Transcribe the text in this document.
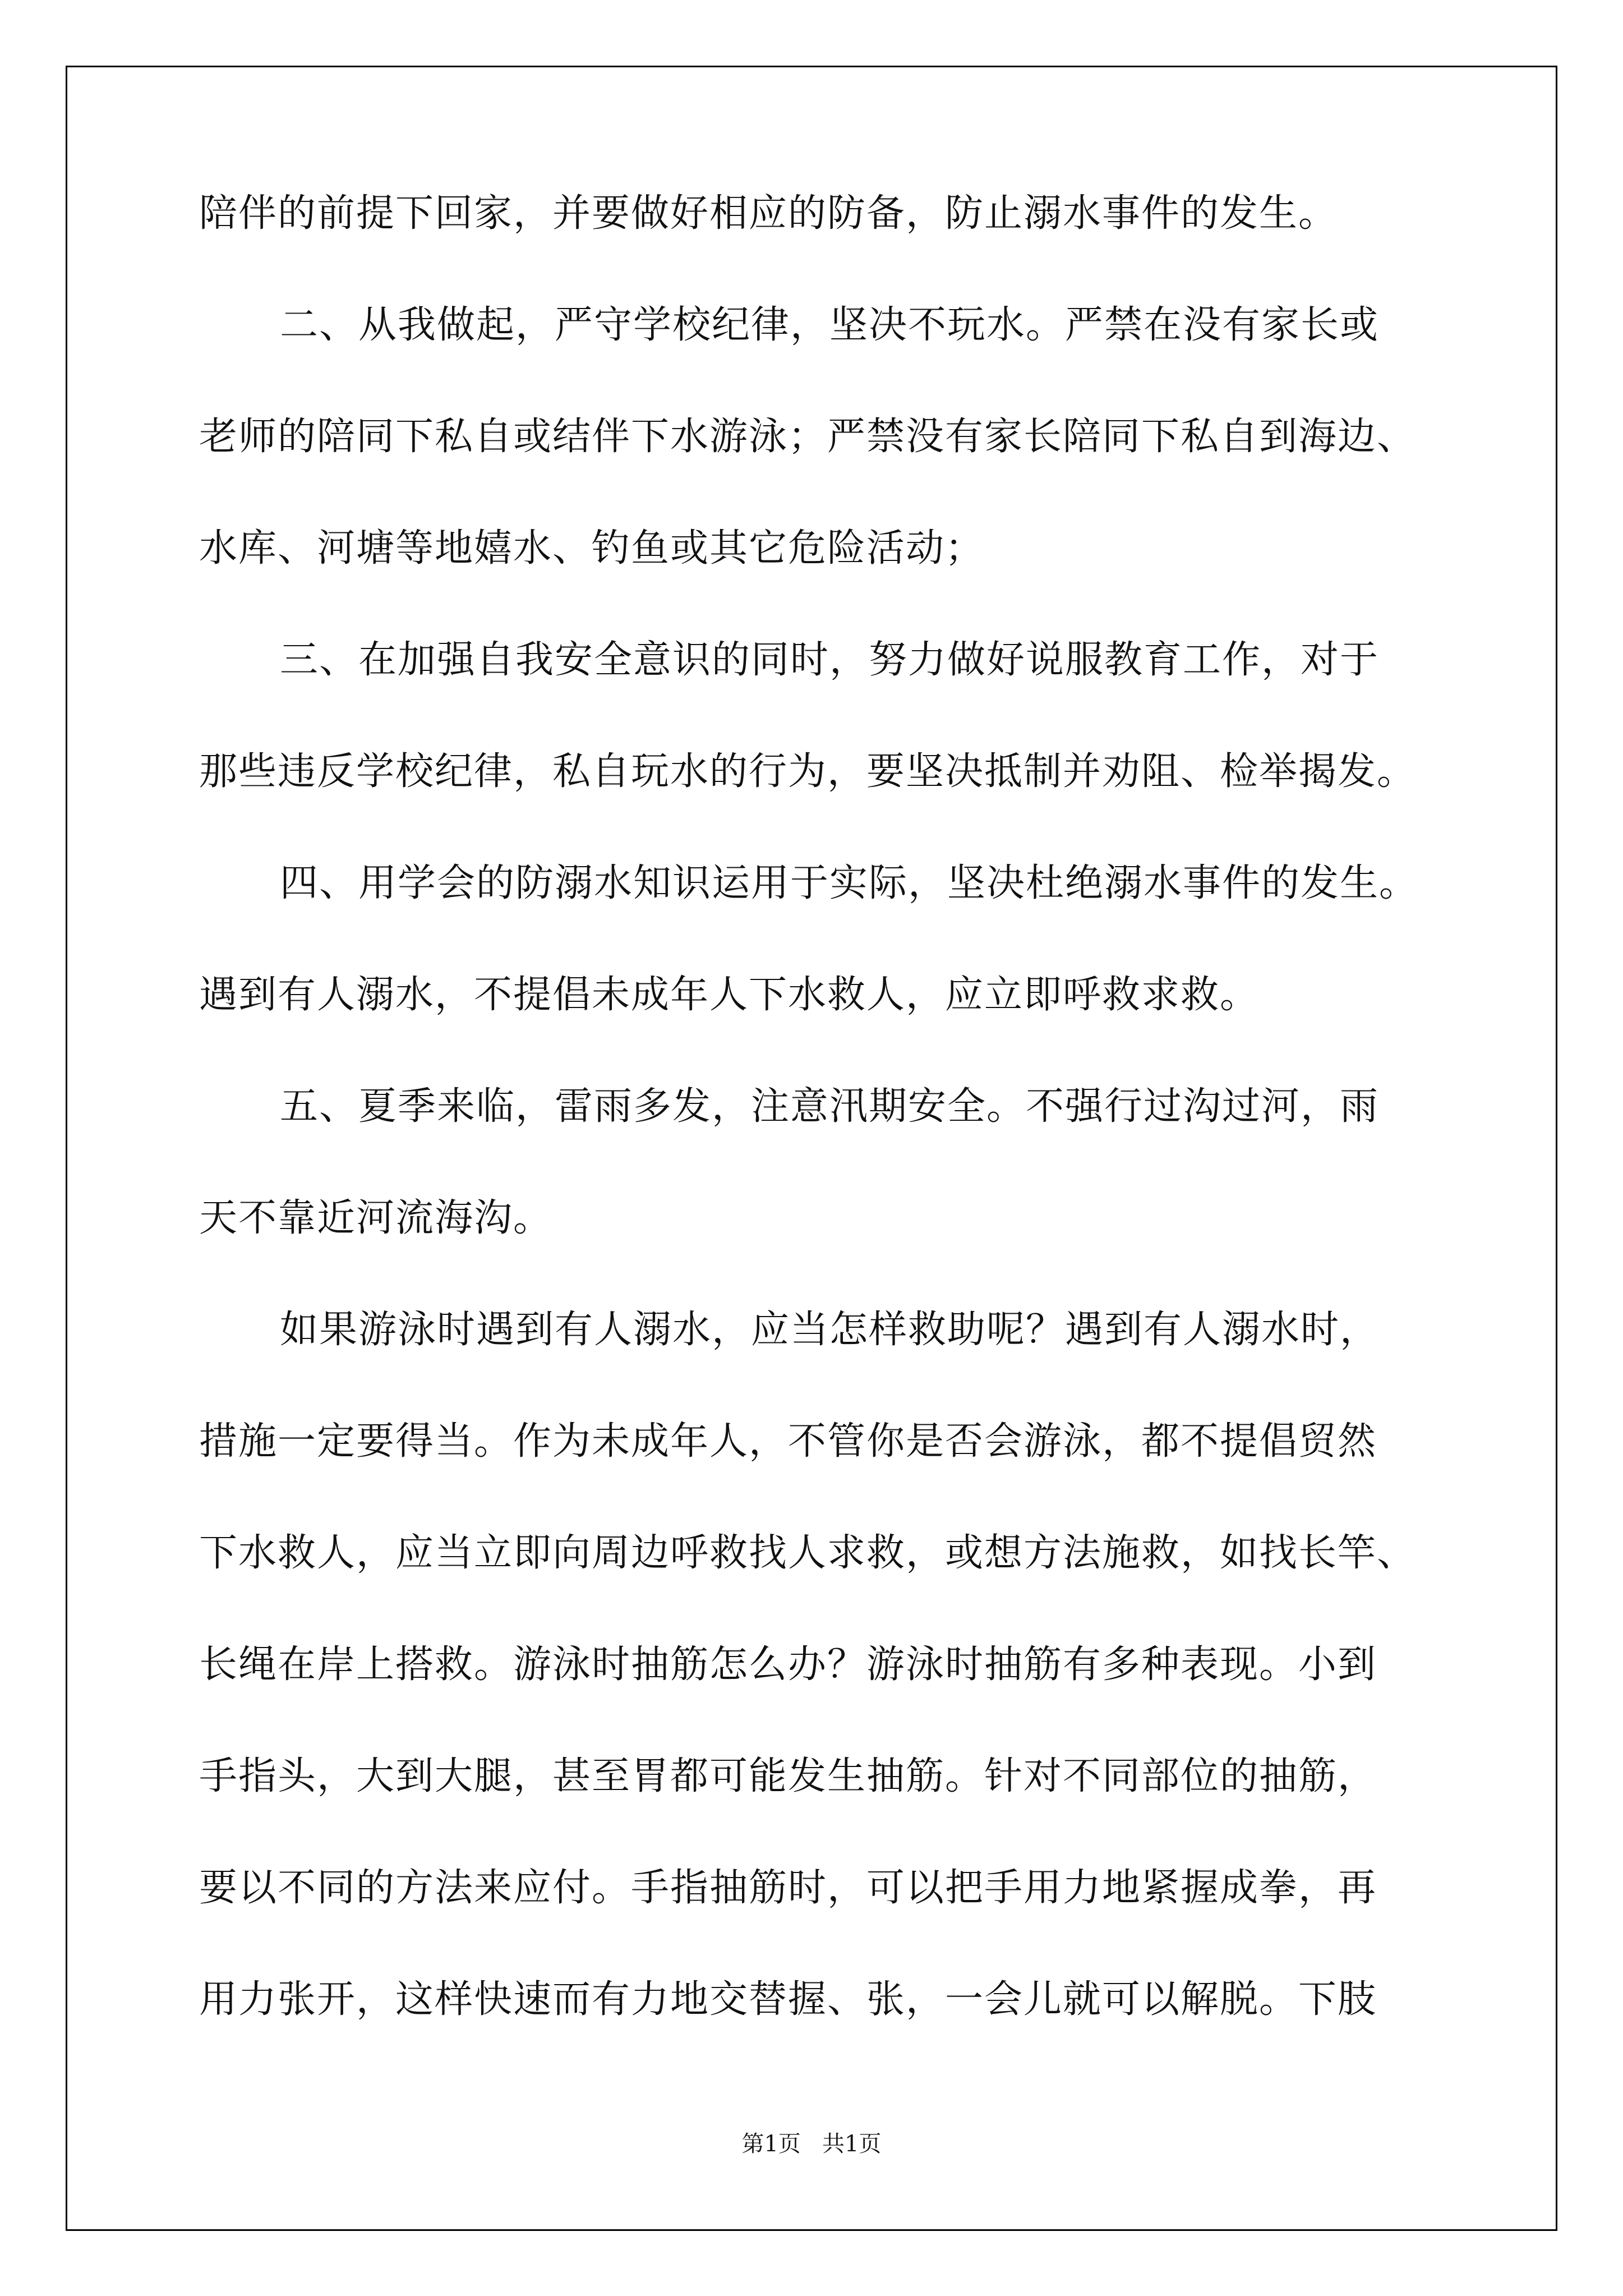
陪伴的前提下回家，并要做好相应的防备，防止溺水事件的发生。
二、从我做起，严守学校纪律，坚决不玩水。严禁在没有家长或
老师的陪同下私自或结伴下水游泳；严禁没有家长陪同下私自到海边、
水库、河塘等地嬉水、钓鱼或其它危险活动；
三、在加强自我安全意识的同时，努力做好说服教育工作，对于
那些违反学校纪律，私自玩水的行为，要坚决抵制并劝阻、检举揭发。
四、用学会的防溺水知识运用于实际，坚决杜绝溺水事件的发生。
遇到有人溺水，不提倡未成年人下水救人，应立即呼救求救。
五、夏季来临，雷雨多发，注意汛期安全。不强行过沟过河，雨
天不靠近河流海沟。
如果游泳时遇到有人溺水，应当怎样救助呢？遇到有人溺水时，
措施一定要得当。作为未成年人，不管你是否会游泳，都不提倡贸然
下水救人，应当立即向周边呼救找人求救，或想方法施救，如找长竿、
长绳在岸上搭救。游泳时抽筋怎么办？游泳时抽筋有多种表现。小到
手指头，大到大腿，甚至胃都可能发生抽筋。针对不同部位的抽筋，
要以不同的方法来应付。手指抽筋时，可以把手用力地紧握成拳，再
用力张开，这样快速而有力地交替握、张，一会儿就可以解脱。下肢
第1页   共1页
